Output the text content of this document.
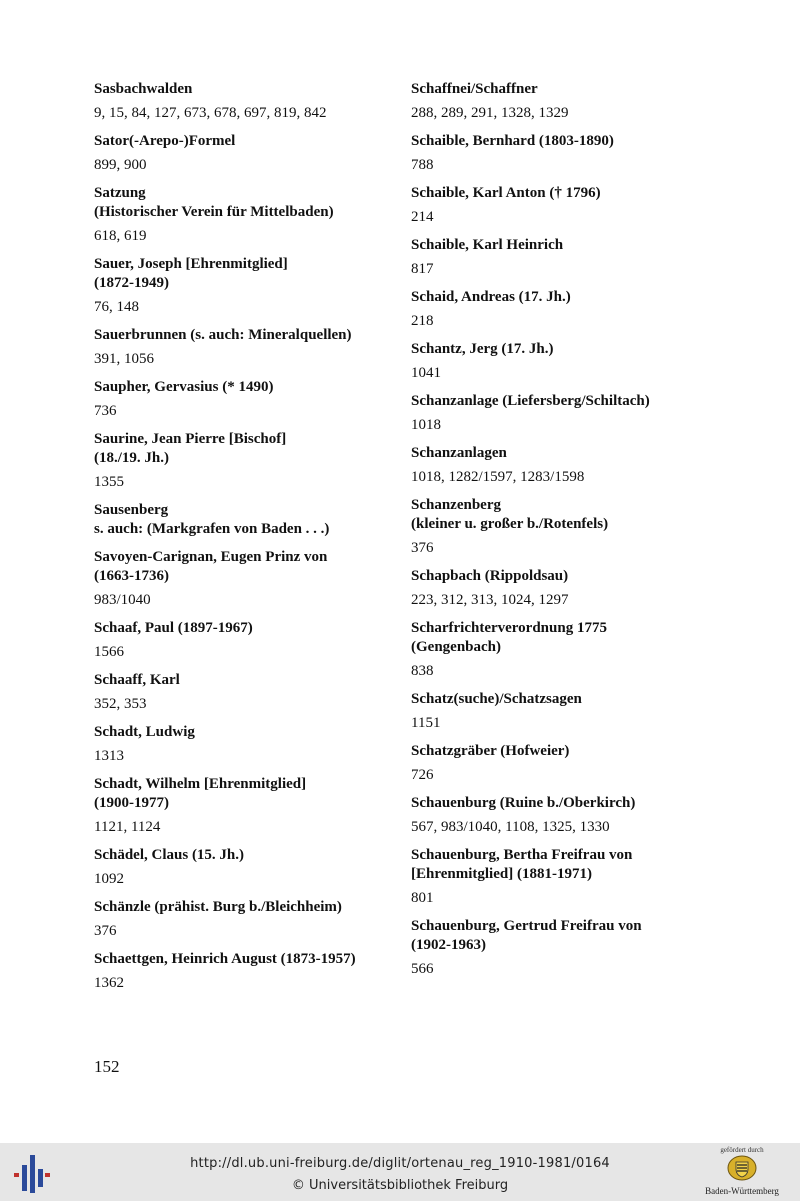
Sasbachwalden
9, 15, 84, 127, 673, 678, 697, 819, 842
Sator(-Arepo-)Formel
899, 900
Satzung
(Historischer Verein für Mittelbaden)
618, 619
Sauer, Joseph [Ehrenmitglied]
(1872-1949)
76, 148
Sauerbrunnen (s. auch: Mineralquellen)
391, 1056
Saupher, Gervasius (* 1490)
736
Saurine, Jean Pierre [Bischof]
(18./19. Jh.)
1355
Sausenberg
s. auch: (Markgrafen von Baden . . .)
Savoyen-Carignan, Eugen Prinz von
(1663-1736)
983/1040
Schaaf, Paul (1897-1967)
1566
Schaaff, Karl
352, 353
Schadt, Ludwig
1313
Schadt, Wilhelm [Ehrenmitglied]
(1900-1977)
1121, 1124
Schädel, Claus (15. Jh.)
1092
Schänzle (prähist. Burg b./Bleichheim)
376
Schaettgen, Heinrich August (1873-1957)
1362
Schaffnei/Schaffner
288, 289, 291, 1328, 1329
Schaible, Bernhard (1803-1890)
788
Schaible, Karl Anton († 1796)
214
Schaible, Karl Heinrich
817
Schaid, Andreas (17. Jh.)
218
Schantz, Jerg (17. Jh.)
1041
Schanzanlage (Liefersberg/Schiltach)
1018
Schanzanlagen
1018, 1282/1597, 1283/1598
Schanzenberg
(kleiner u. großer b./Rotenfels)
376
Schapbach (Rippoldsau)
223, 312, 313, 1024, 1297
Scharfrichterverordnung 1775
(Gengenbach)
838
Schatz(suche)/Schatzsagen
1151
Schatzgräber (Hofweier)
726
Schauenburg (Ruine b./Oberkirch)
567, 983/1040, 1108, 1325, 1330
Schauenburg, Bertha Freifrau von
[Ehrenmitglied] (1881-1971)
801
Schauenburg, Gertrud Freifrau von
(1902-1963)
566
152
http://dl.ub.uni-freiburg.de/diglit/ortenau_reg_1910-1981/0164
© Universitätsbibliothek Freiburg
gefördert durch
Baden-Württemberg
